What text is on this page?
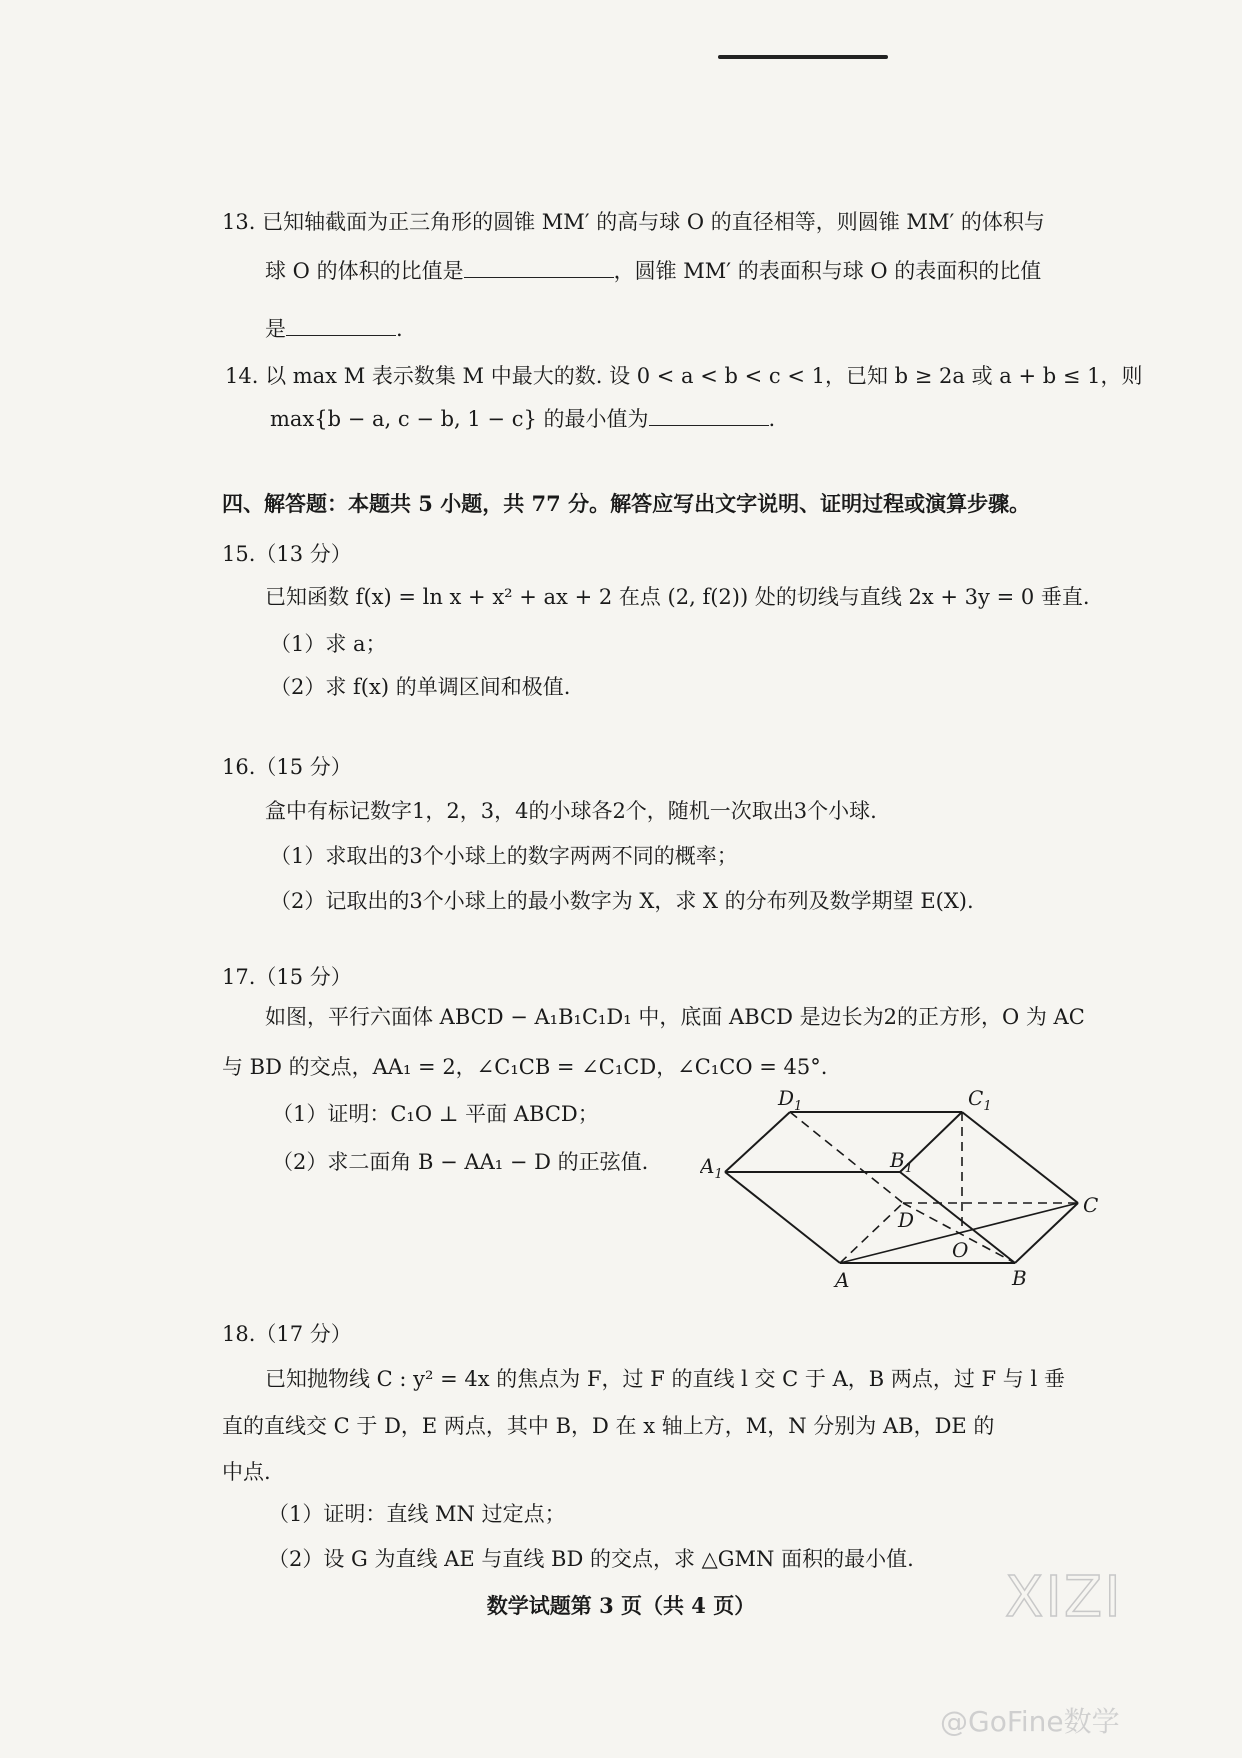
13. 已知轴截面为正三角形的圆锥 MM′ 的高与球 O 的直径相等，则圆锥 MM′ 的体积与
球 O 的体积的比值是	，圆锥 MM′ 的表面积与球 O 的表面积的比值
是	.
14. 以 max M 表示数集 M 中最大的数. 设 0 < a < b < c < 1，已知 b ≥ 2a 或 a + b ≤ 1，则
max{b − a, c − b, 1 − c} 的最小值为	.
四、解答题：本题共 5 小题，共 77 分。解答应写出文字说明、证明过程或演算步骤。
15.（13 分）
已知函数 f(x) = ln x + x² + ax + 2 在点 (2, f(2)) 处的切线与直线 2x + 3y = 0 垂直.
（1）求 a；
（2）求 f(x) 的单调区间和极值.
16.（15 分）
盒中有标记数字1，2，3，4的小球各2个，随机一次取出3个小球.
（1）求取出的3个小球上的数字两两不同的概率；
（2）记取出的3个小球上的最小数字为 X，求 X 的分布列及数学期望 E(X).
17.（15 分）
如图，平行六面体 ABCD − A₁B₁C₁D₁ 中，底面 ABCD 是边长为2的正方形，O 为 AC
与 BD 的交点，AA₁ = 2，∠C₁CB = ∠C₁CD，∠C₁CO = 45°.
（1）证明：C₁O ⊥ 平面 ABCD；
（2）求二面角 B − AA₁ − D 的正弦值.
$D_1$	$C_1$
$A_1$
$B_1$
D
C
O
A	B
18.（17 分）
已知抛物线 C : y² = 4x 的焦点为 F，过 F 的直线 l 交 C 于 A，B 两点，过 F 与 l 垂
直的直线交 C 于 D，E 两点，其中 B，D 在 x 轴上方，M，N 分别为 AB，DE 的
中点.
（1）证明：直线 MN 过定点；
（2）设 G 为直线 AE 与直线 BD 的交点，求 △GMN 面积的最小值.
数学试题第 3 页（共 4 页）	XIZI
@GoFine数学
